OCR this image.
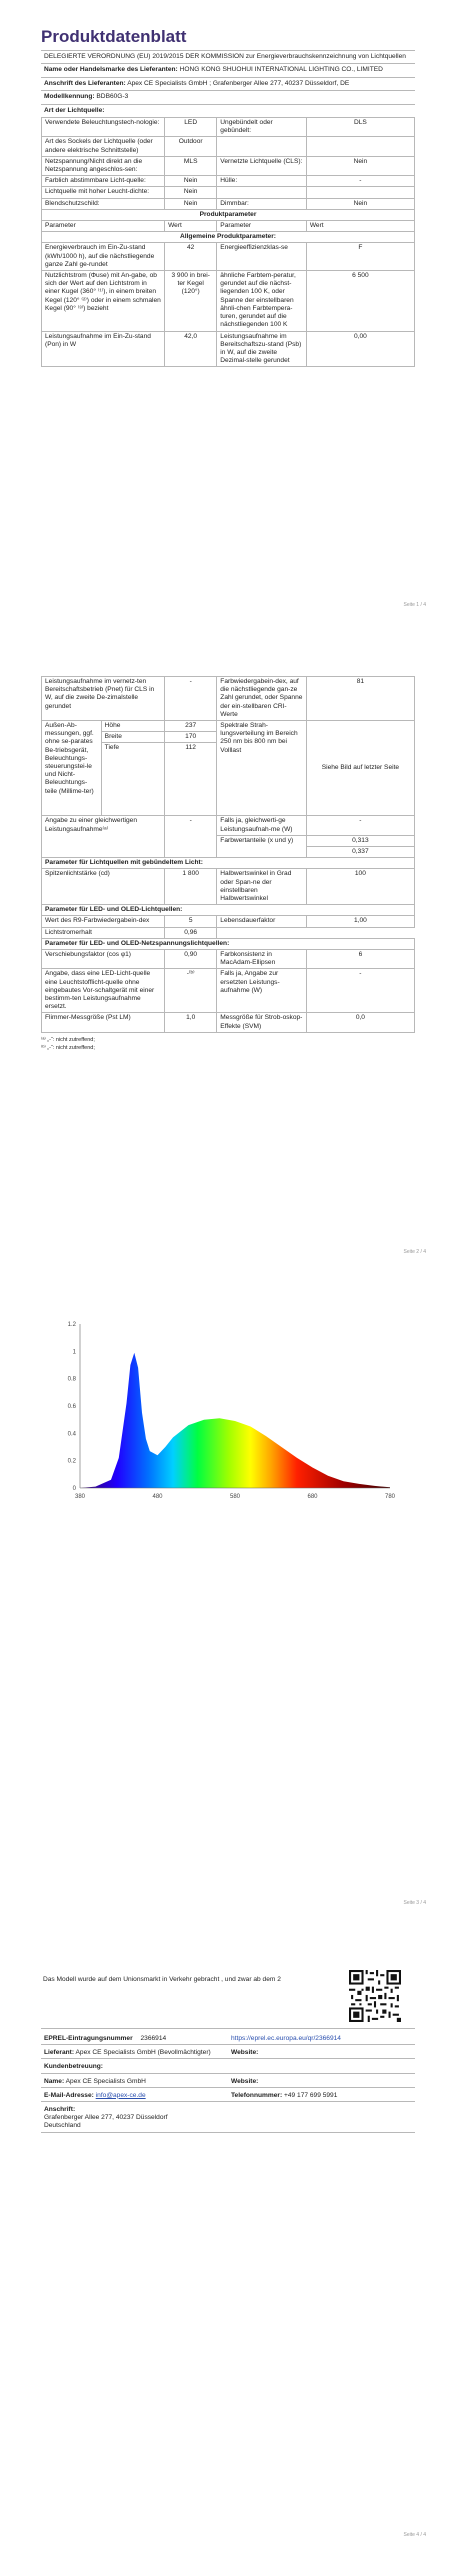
Produktdatenblatt
DELEGIERTE VERORDNUNG (EU) 2019/2015 DER KOMMISSION zur Energieverbrauchskennzeichnung von Lichtquellen
Name oder Handelsmarke des Lieferanten: HONG KONG SHUOHUI INTERNATIONAL LIGHTING CO., LIMITED
Anschrift des Lieferanten: Apex CE Specialists GmbH ; Grafenberger Allee 277, 40237 Düsseldorf, DE
Modellkennung: BDB60G-3
Art der Lichtquelle:
Verwendete Beleuchtungstech-nologie:	LED	Ungebündelt oder gebündelt:	DLS
Art des Sockels der Lichtquelle (oder andere elektrische Schnittstelle)	Outdoor		
Netzspannung/Nicht direkt an die Netzspannung angeschlos-sen:	MLS	Vernetzte Lichtquelle (CLS):	Nein
Farblich abstimmbare Licht-quelle:	Nein	Hülle:	-
Lichtquelle mit hoher Leucht-dichte:	Nein		
Blendschutzschild:	Nein	Dimmbar:	Nein
Produktparameter			
Parameter	Wert	Parameter	Wert
Allgemeine Produktparameter:			
Energieverbrauch im Ein-Zu-stand (kWh/1000 h), auf die nächstliegende ganze Zahl ge-rundet	42	Energieeffizienzklas-se	F
Nutzlichtstrom (Φuse) mit An-gabe, ob sich der Wert auf den Lichtstrom in einer Kugel (360° ⁽¹⁾), in einem breiten Kegel (120° ⁽²⁾) oder in einem schmalen Kegel (90° ⁽³⁾) bezieht	3 900 in brei-ter Kegel (120°)	ähnliche Farbtem-peratur, gerundet auf die nächst-liegenden 100 K, oder Spanne der einstellbaren ähnli-chen Farbtempera-turen, gerundet auf die nächstliegenden 100 K	6 500
Leistungsaufnahme im Ein-Zu-stand (Pon) in W	42,0	Leistungsaufnahme im Bereitschaftszu-stand (Psb) in W, auf die zweite Dezimal-stelle gerundet	0,00
Seite 1 / 4
Leistungsaufnahme im vernetz-ten Bereitschaftsbetrieb (Pnet) für CLS in W, auf die zweite De-zimalstelle gerundet		-	Farbwiedergabein-dex, auf die nächstliegende gan-ze Zahl gerundet, oder Spanne der ein-stellbaren CRI-Werte	81
Außen-Ab-messungen, ggf. ohne se-parates Be-triebsgerät, Beleuchtungs-steuerungstei-le und Nicht-Beleuchtungs-teile (Millime-ter)	Höhe	237	Spektrale Strah-lungsverteilung im Bereich 250 nm bis 800 nm bei Volllast	Siehe Bild auf letzter Seite
	Breite	170		
	Tiefe	112		
Angabe zu einer gleichwertigen Leistungsaufnahme⁽ᵃ⁾		-	Falls ja, gleichwerti-ge Leistungsaufnah-me (W)	-
			Farbwertanteile (x und y)	0,313
				0,337
Parameter für Lichtquellen mit gebündeltem Licht:				
Spitzenlichtstärke (cd)		1 800	Halbwertswinkel in Grad oder Span-ne der einstellbaren Halbwertswinkel	100
Parameter für LED- und OLED-Lichtquellen:				
Wert des R9-Farbwiedergabein-dex		5	Lebensdauerfaktor	1,00
Lichtstromerhalt		0,96		
Parameter für LED- und OLED-Netzspannungslichtquellen:				
Verschiebungsfaktor (cos φ1)		0,90	Farbkonsistenz in MacAdam-Ellipsen	6
Angabe, dass eine LED-Licht-quelle eine Leuchtstofflicht-quelle ohne eingebautes Vor-schaltgerät mit einer bestimm-ten Leistungsaufnahme ersetzt.		-⁽ᵇ⁾	Falls ja, Angabe zur ersetzten Leistungs-aufnahme (W)	-
Flimmer-Messgröße (Pst LM)		1,0	Messgröße für Strob-oskop-Effekte (SVM)	0,0
⁽ᵃ⁾ „-“: nicht zutreffend;
⁽ᵇ⁾ „-“: nicht zutreffend;
Seite 2 / 4
0
0.2
0.4
0.6
0.8
1
1.2
380	480	580	680	780
Seite 3 / 4
Das Modell wurde auf dem Unionsmarkt in Verkehr gebracht , und zwar ab dem 2
EPREL-Eintragungsnummer 2366914	https://eprel.ec.europa.eu/qr/2366914
Lieferant: Apex CE Specialists GmbH (Bevollmächtigter)	Website:
Kundenbetreuung:	
Name: Apex CE Specialists GmbH	Website:
E-Mail-Adresse: info@apex-ce.de	Telefonnummer: +49 177 699 5991

Anschrift:
Grafenberger Allee 277, 40237 Düsseldorf
Deutschland	
Seite 4 / 4
